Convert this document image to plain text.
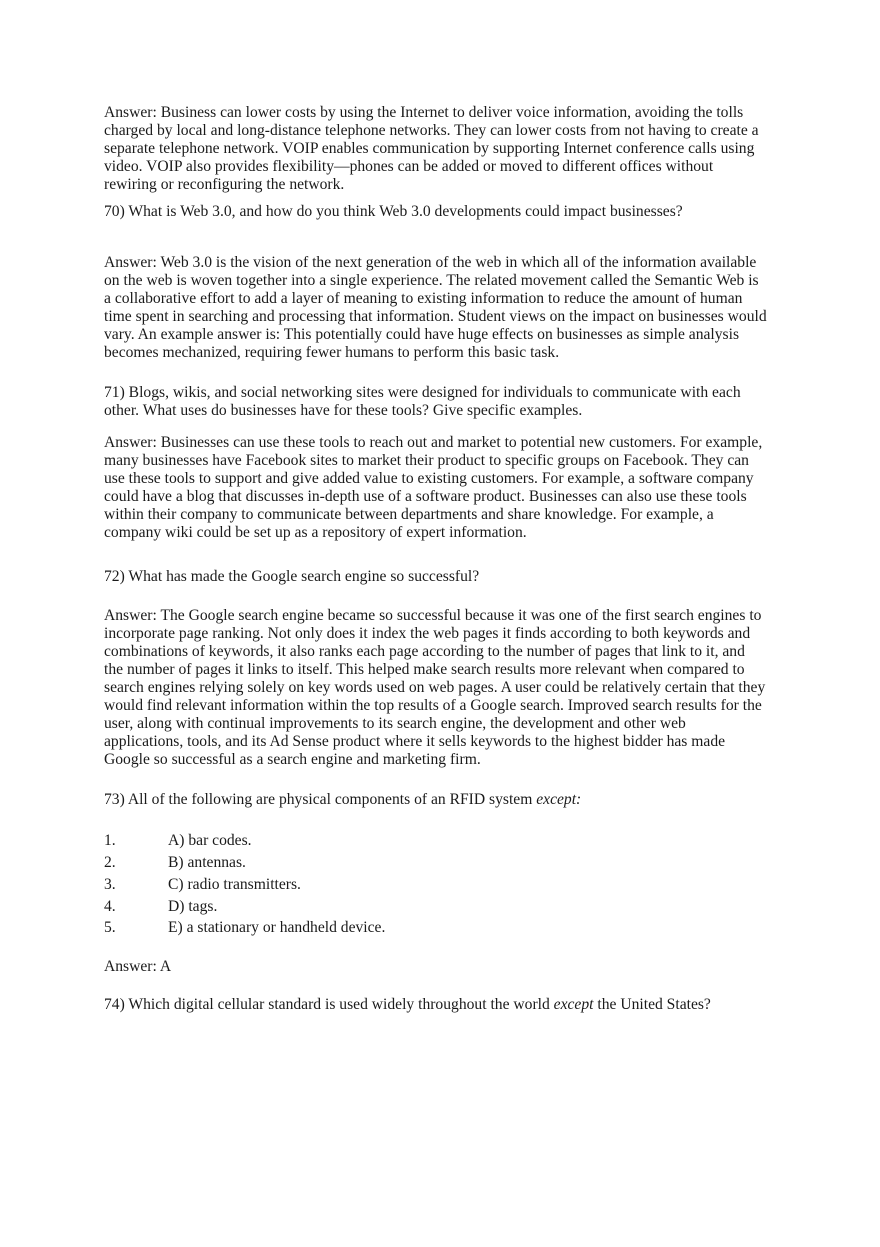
Answer: Business can lower costs by using the Internet to deliver voice information, avoiding the tolls
charged by local and long-distance telephone networks. They can lower costs from not having to create a
separate telephone network. VOIP enables communication by supporting Internet conference calls using
video. VOIP also provides flexibility—phones can be added or moved to different offices without
rewiring or reconfiguring the network.
70) What is Web 3.0, and how do you think Web 3.0 developments could impact businesses?
Answer: Web 3.0 is the vision of the next generation of the web in which all of the information available
on the web is woven together into a single experience. The related movement called the Semantic Web is
a collaborative effort to add a layer of meaning to existing information to reduce the amount of human
time spent in searching and processing that information. Student views on the impact on businesses would
vary. An example answer is: This potentially could have huge effects on businesses as simple analysis
becomes mechanized, requiring fewer humans to perform this basic task.
71) Blogs, wikis, and social networking sites were designed for individuals to communicate with each
other. What uses do businesses have for these tools? Give specific examples.
Answer: Businesses can use these tools to reach out and market to potential new customers. For example,
many businesses have Facebook sites to market their product to specific groups on Facebook. They can
use these tools to support and give added value to existing customers. For example, a software company
could have a blog that discusses in-depth use of a software product. Businesses can also use these tools
within their company to communicate between departments and share knowledge. For example, a
company wiki could be set up as a repository of expert information.
72) What has made the Google search engine so successful?
Answer: The Google search engine became so successful because it was one of the first search engines to
incorporate page ranking. Not only does it index the web pages it finds according to both keywords and
combinations of keywords, it also ranks each page according to the number of pages that link to it, and
the number of pages it links to itself. This helped make search results more relevant when compared to
search engines relying solely on key words used on web pages. A user could be relatively certain that they
would find relevant information within the top results of a Google search. Improved search results for the
user, along with continual improvements to its search engine, the development and other web
applications, tools, and its Ad Sense product where it sells keywords to the highest bidder has made
Google so successful as a search engine and marketing firm.
73) All of the following are physical components of an RFID system except:
1.	A) bar codes.
2.	B) antennas.
3.	C) radio transmitters.
4.	D) tags.
5.	E) a stationary or handheld device.
Answer: A
74) Which digital cellular standard is used widely throughout the world except the United States?
